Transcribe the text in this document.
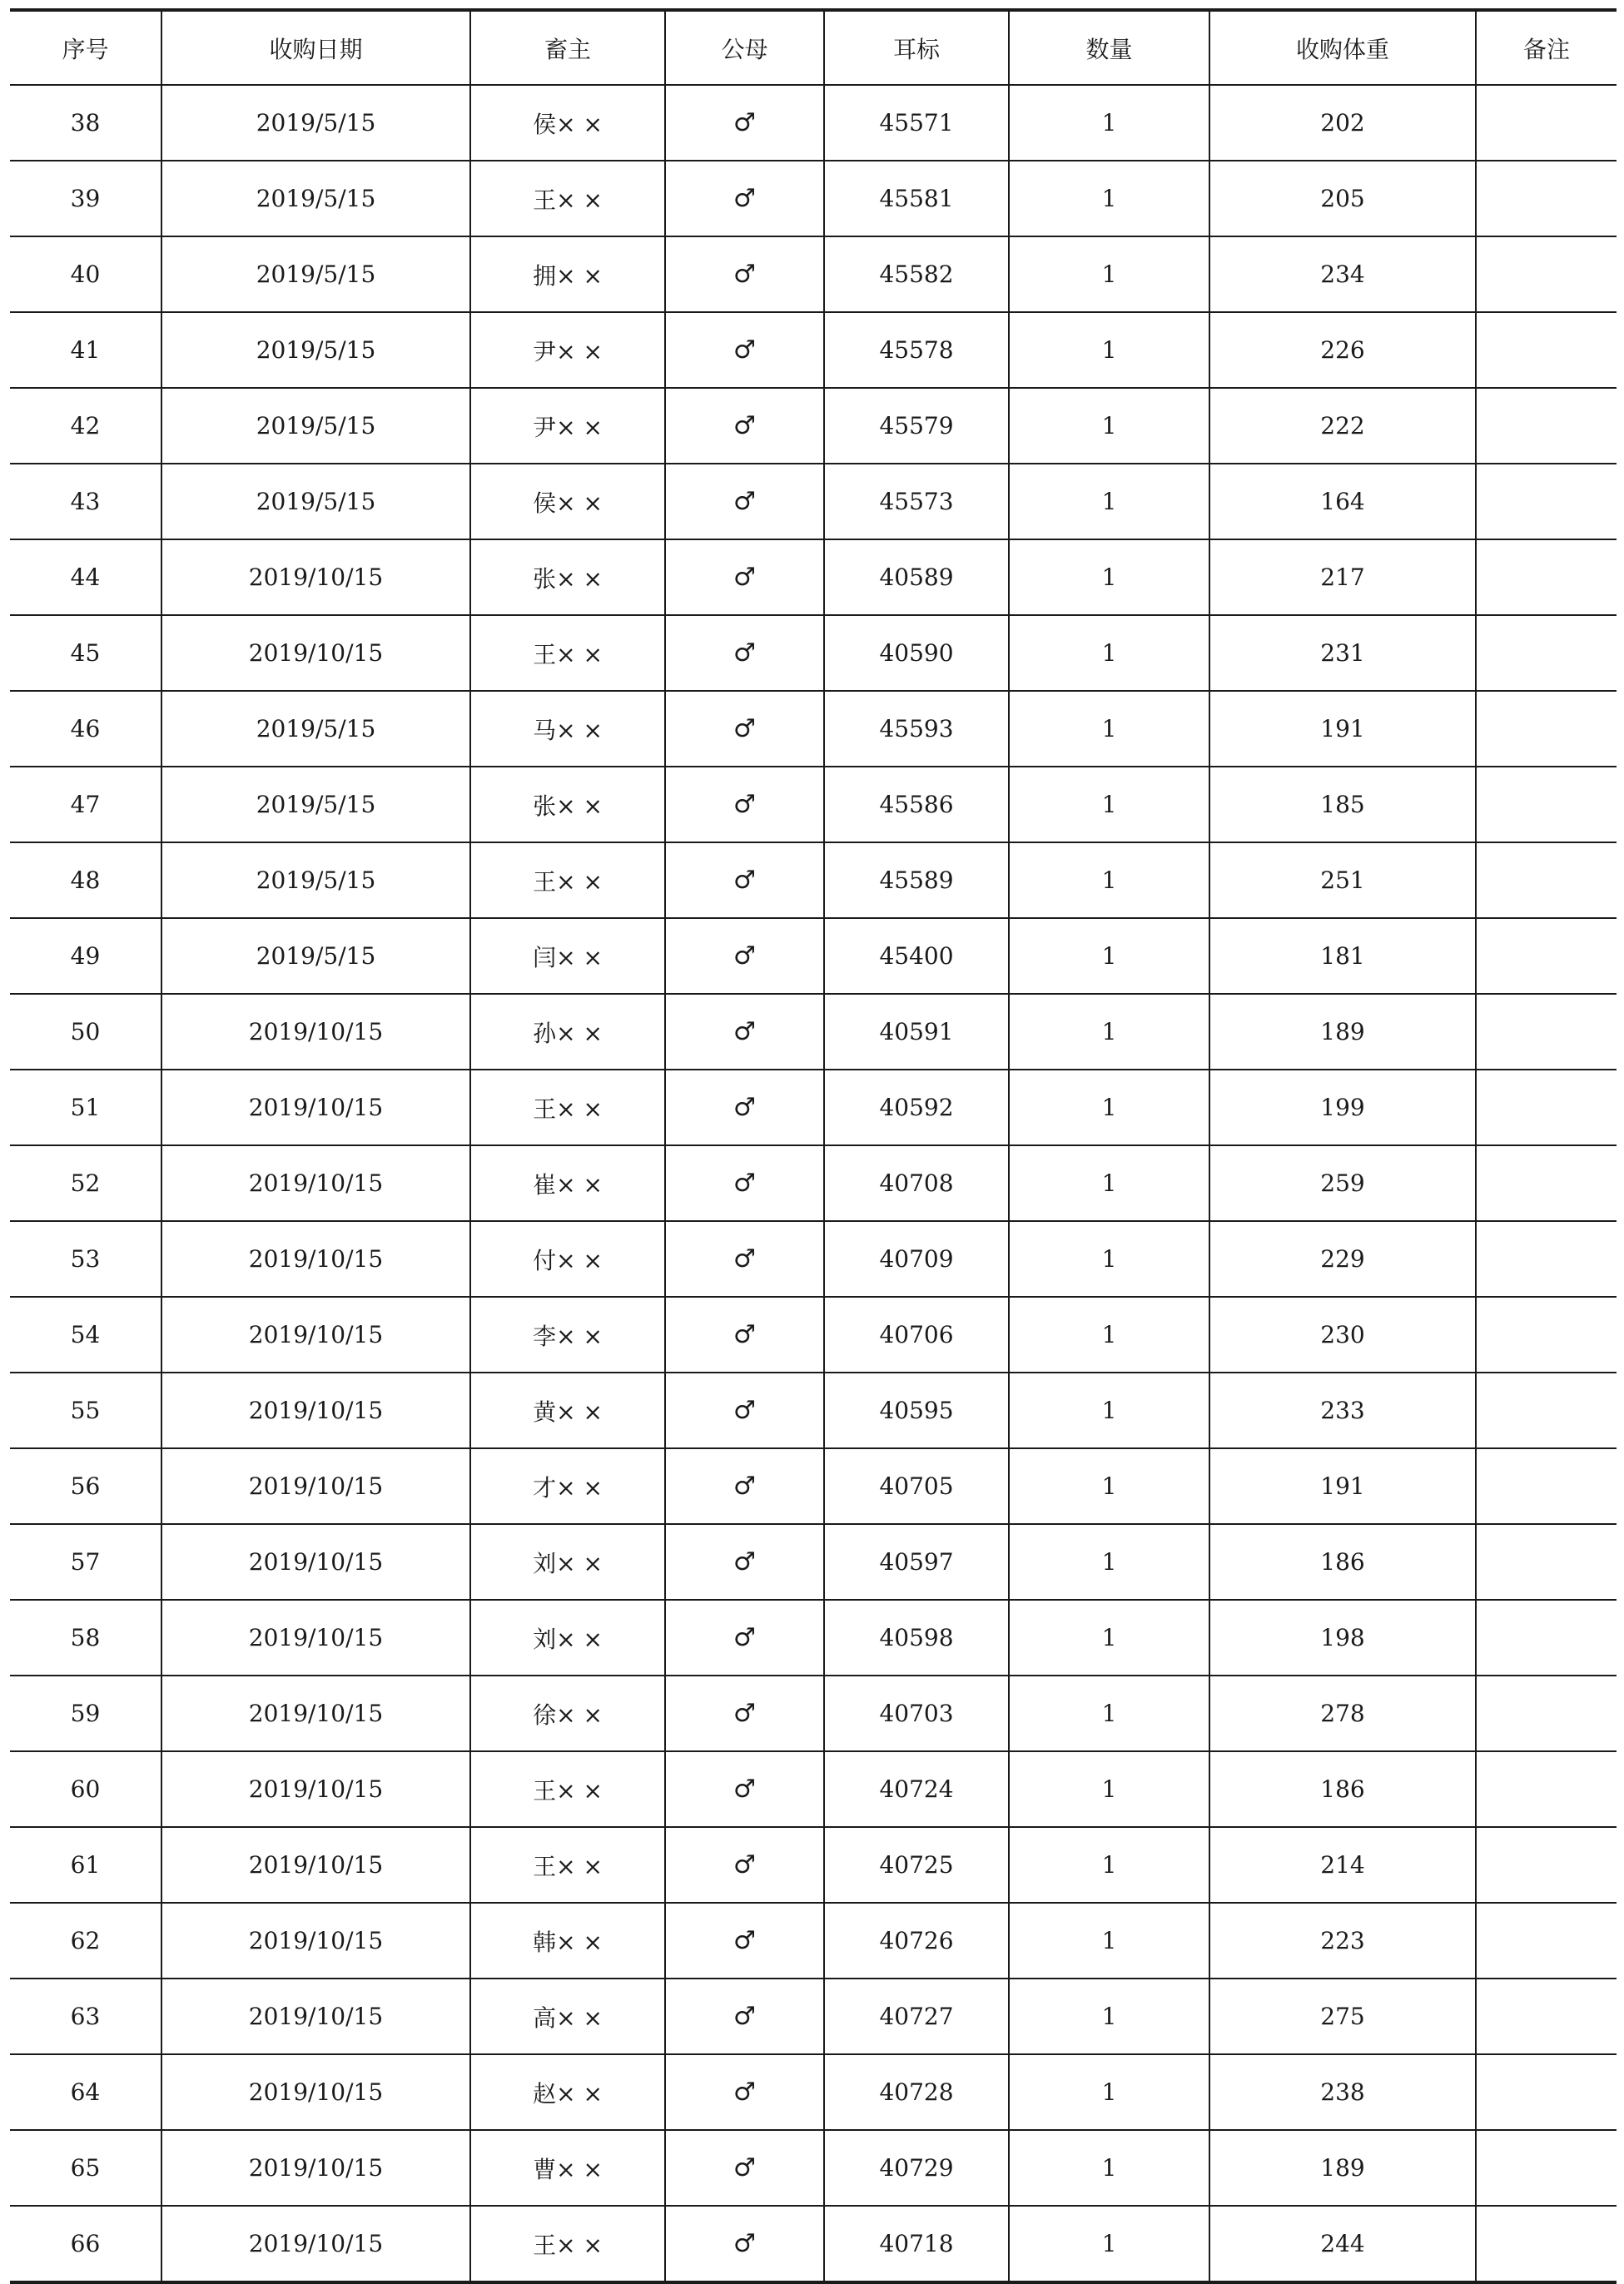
序号	收购日期	畜主	公母	耳标	数量	收购体重	备注
38	2019/5/15	侯× ×	♂	45571	1	202	
39	2019/5/15	王× ×	♂	45581	1	205	
40	2019/5/15	拥× ×	♂	45582	1	234	
41	2019/5/15	尹× ×	♂	45578	1	226	
42	2019/5/15	尹× ×	♂	45579	1	222	
43	2019/5/15	侯× ×	♂	45573	1	164	
44	2019/10/15	张× ×	♂	40589	1	217	
45	2019/10/15	王× ×	♂	40590	1	231	
46	2019/5/15	马× ×	♂	45593	1	191	
47	2019/5/15	张× ×	♂	45586	1	185	
48	2019/5/15	王× ×	♂	45589	1	251	
49	2019/5/15	闫× ×	♂	45400	1	181	
50	2019/10/15	孙× ×	♂	40591	1	189	
51	2019/10/15	王× ×	♂	40592	1	199	
52	2019/10/15	崔× ×	♂	40708	1	259	
53	2019/10/15	付× ×	♂	40709	1	229	
54	2019/10/15	李× ×	♂	40706	1	230	
55	2019/10/15	黄× ×	♂	40595	1	233	
56	2019/10/15	才× ×	♂	40705	1	191	
57	2019/10/15	刘× ×	♂	40597	1	186	
58	2019/10/15	刘× ×	♂	40598	1	198	
59	2019/10/15	徐× ×	♂	40703	1	278	
60	2019/10/15	王× ×	♂	40724	1	186	
61	2019/10/15	王× ×	♂	40725	1	214	
62	2019/10/15	韩× ×	♂	40726	1	223	
63	2019/10/15	高× ×	♂	40727	1	275	
64	2019/10/15	赵× ×	♂	40728	1	238	
65	2019/10/15	曹× ×	♂	40729	1	189	
66	2019/10/15	王× ×	♂	40718	1	244	
